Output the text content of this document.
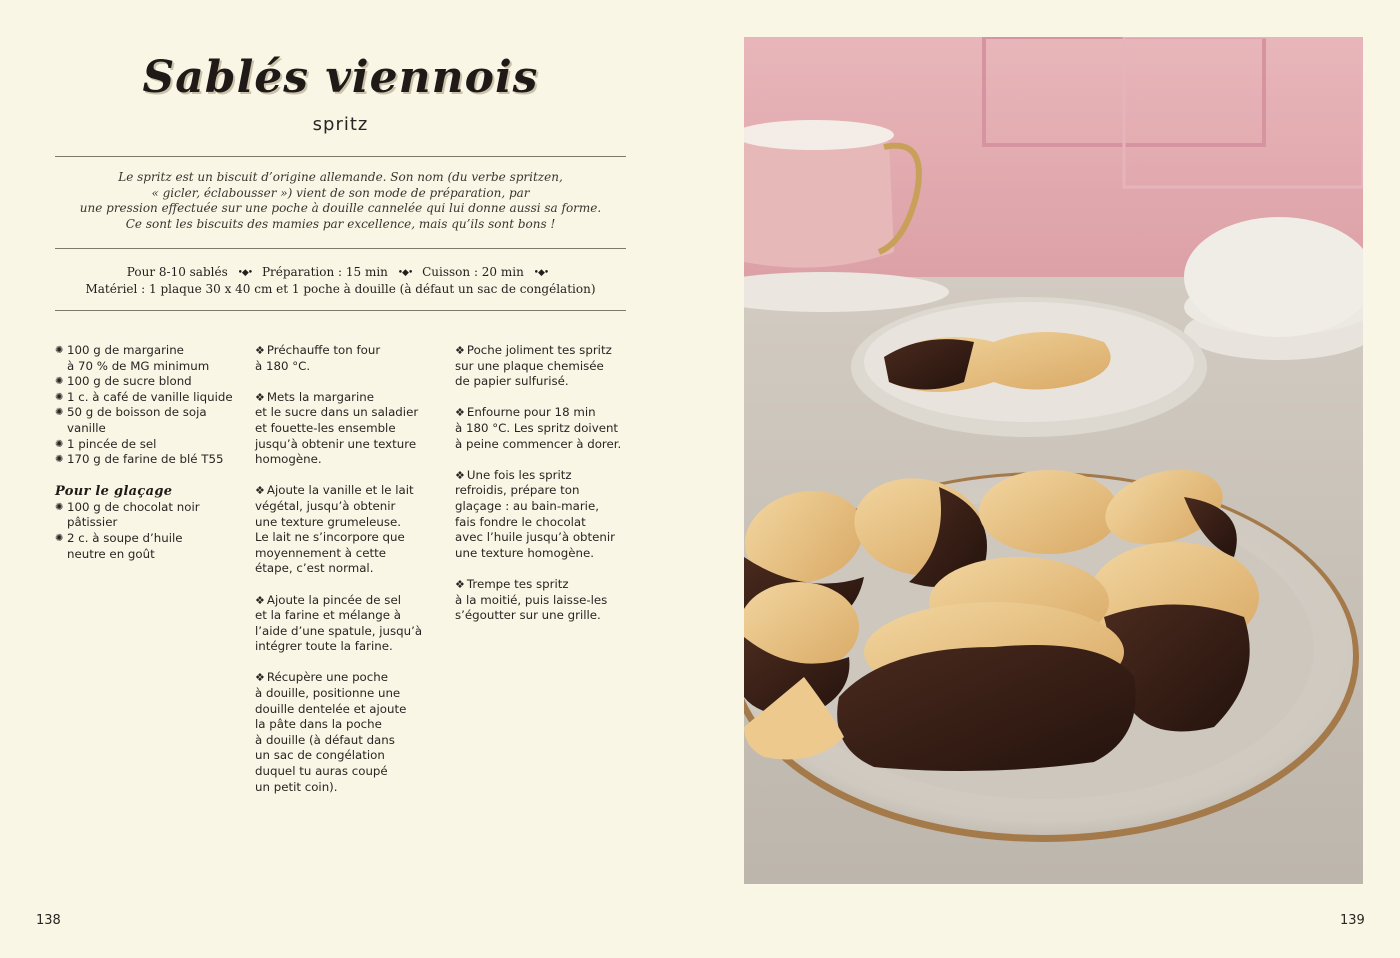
Sablés viennois
spritz
Le spritz est un biscuit d’origine allemande. Son nom (du verbe spritzen,
« gicler, éclabousser ») vient de son mode de préparation, par
une pression effectuée sur une poche à douille cannelée qui lui donne aussi sa forme.
Ce sont les biscuits des mamies par excellence, mais qu’ils sont bons !
Pour 8-10 sablés •◆• Préparation : 15 min •◆• Cuisson : 20 min •◆•
Matériel : 1 plaque 30 x 40 cm et 1 poche à douille (à défaut un sac de congélation)
✺ 100 g de margarine
à 70 % de MG minimum
✺ 100 g de sucre blond
✺ 1 c. à café de vanille liquide
✺ 50 g de boisson de soja
vanille
✺ 1 pincée de sel
✺ 170 g de farine de blé T55
Pour le glaçage
✺ 100 g de chocolat noir
pâtissier
✺ 2 c. à soupe d’huile
neutre en goût

❖ Préchauffe ton four
à 180 °C.

❖ Mets la margarine
et le sucre dans un saladier
et fouette-les ensemble
jusqu’à obtenir une texture
homogène.

❖ Ajoute la vanille et le lait
végétal, jusqu’à obtenir
une texture grumeleuse.
Le lait ne s’incorpore que
moyennement à cette
étape, c’est normal.

❖ Ajoute la pincée de sel
et la farine et mélange à
l’aide d’une spatule, jusqu’à
intégrer toute la farine.

❖ Récupère une poche
à douille, positionne une
douille dentelée et ajoute
la pâte dans la poche
à douille (à défaut dans
un sac de congélation
duquel tu auras coupé
un petit coin).

❖ Poche joliment tes spritz
sur une plaque chemisée
de papier sulfurisé.

❖ Enfourne pour 18 min
à 180 °C. Les spritz doivent
à peine commencer à dorer.

❖ Une fois les spritz
refroidis, prépare ton
glaçage : au bain-marie,
fais fondre le chocolat
avec l’huile jusqu’à obtenir
une texture homogène.

❖ Trempe tes spritz
à la moitié, puis laisse-les
s’égoutter sur une grille.

138	139
